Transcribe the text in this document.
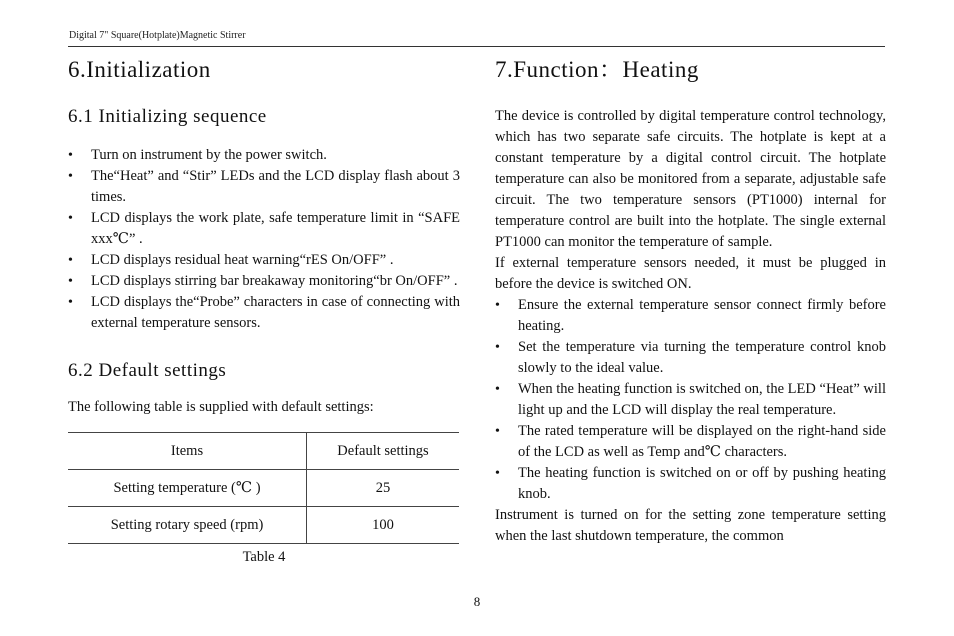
Digital 7" Square(Hotplate)Magnetic Stirrer
6.Initialization
6.1 Initializing sequence
• Turn on instrument by the power switch.
• The“Heat” and “Stir” LEDs and the LCD display flash about 3 times.
• LCD displays the work plate, safe temperature limit in “SAFE xxx℃” .
• LCD displays residual heat warning“rES On/OFF” .
• LCD displays stirring bar breakaway monitoring“br On/OFF” .
• LCD displays the“Probe” characters in case of connecting with external temperature sensors.
6.2 Default settings

The following table is supplied with default settings:

Items	Default settings
Setting temperature (℃ )	25
Setting rotary speed (rpm)	100
Table 4
7.Function：Heating

The device is controlled by digital temperature control technology, which has two separate safe circuits. The hotplate is kept at a constant temperature by a digital control circuit. The hotplate temperature can also be monitored from a separate, adjustable safe circuit. The two temperature sensors (PT1000) internal for temperature control are built into the hotplate. The single external PT1000 can monitor the temperature of sample.

If external temperature sensors needed, it must be plugged in before the device is switched ON.

• Ensure the external temperature sensor connect firmly before heating.
• Set the temperature via turning the temperature control knob slowly to the ideal value.
• When the heating function is switched on, the LED “Heat” will light up and the LCD will display the real temperature.
• The rated temperature will be displayed on the right-hand side of the LCD as well as Temp and℃ characters.
• The heating function is switched on or off by pushing heating knob.

Instrument is turned on for the setting zone temperature setting when the last shutdown temperature, the common

8
